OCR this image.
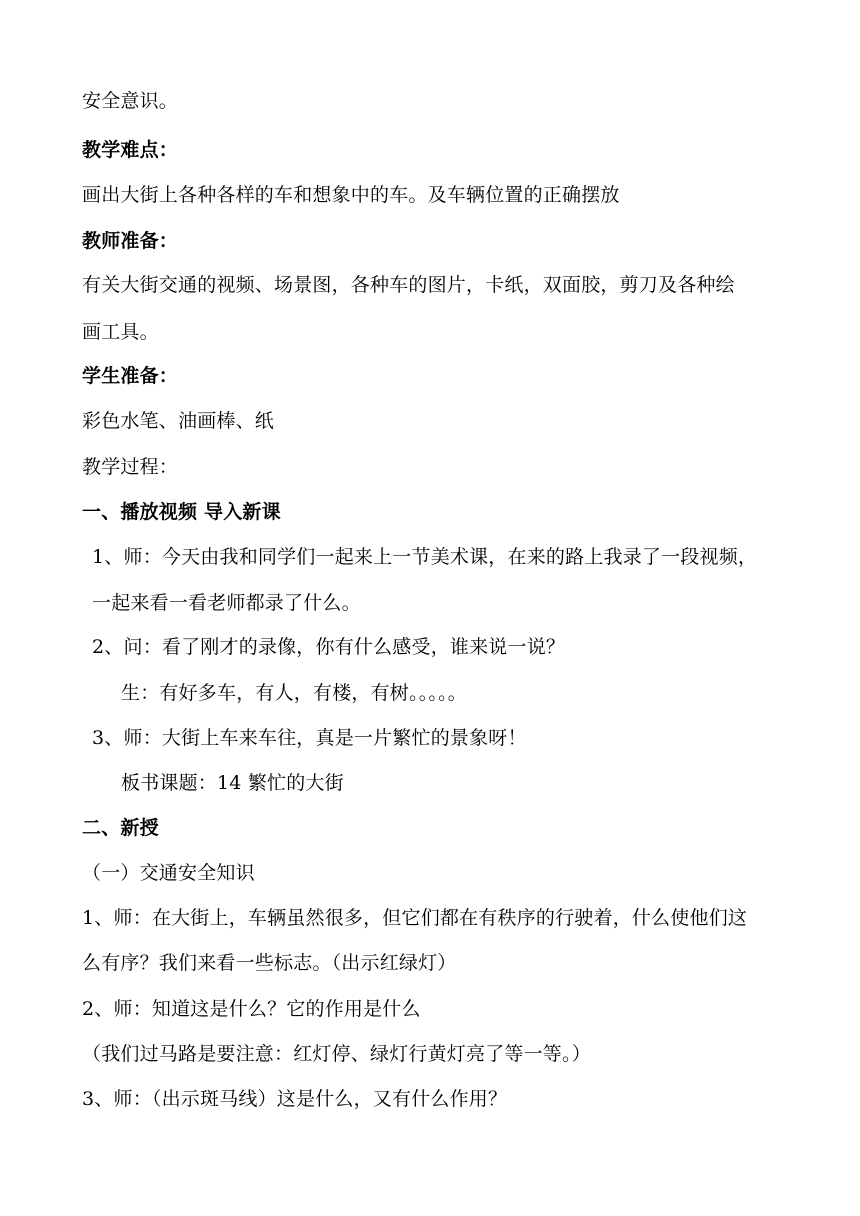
安全意识。
教学难点：
画出大街上各种各样的车和想象中的车。及车辆位置的正确摆放
教师准备：
有关大街交通的视频、场景图，各种车的图片，卡纸，双面胶，剪刀及各种绘
画工具。
学生准备：
彩色水笔、油画棒、纸
教学过程：
一、播放视频 导入新课
1、师：今天由我和同学们一起来上一节美术课，在来的路上我录了一段视频，
一起来看一看老师都录了什么。
2、问：看了刚才的录像，你有什么感受，谁来说一说？
生：有好多车，有人，有楼，有树。。。。。
3、师：大街上车来车往，真是一片繁忙的景象呀！
板书课题：14 繁忙的大街
二、新授
（一）交通安全知识
1、师：在大街上，车辆虽然很多，但它们都在有秩序的行驶着，什么使他们这
么有序？我们来看一些标志。（出示红绿灯）
2、师：知道这是什么？它的作用是什么
（我们过马路是要注意：红灯停、绿灯行黄灯亮了等一等。）
3、师：（出示斑马线）这是什么，又有什么作用？
